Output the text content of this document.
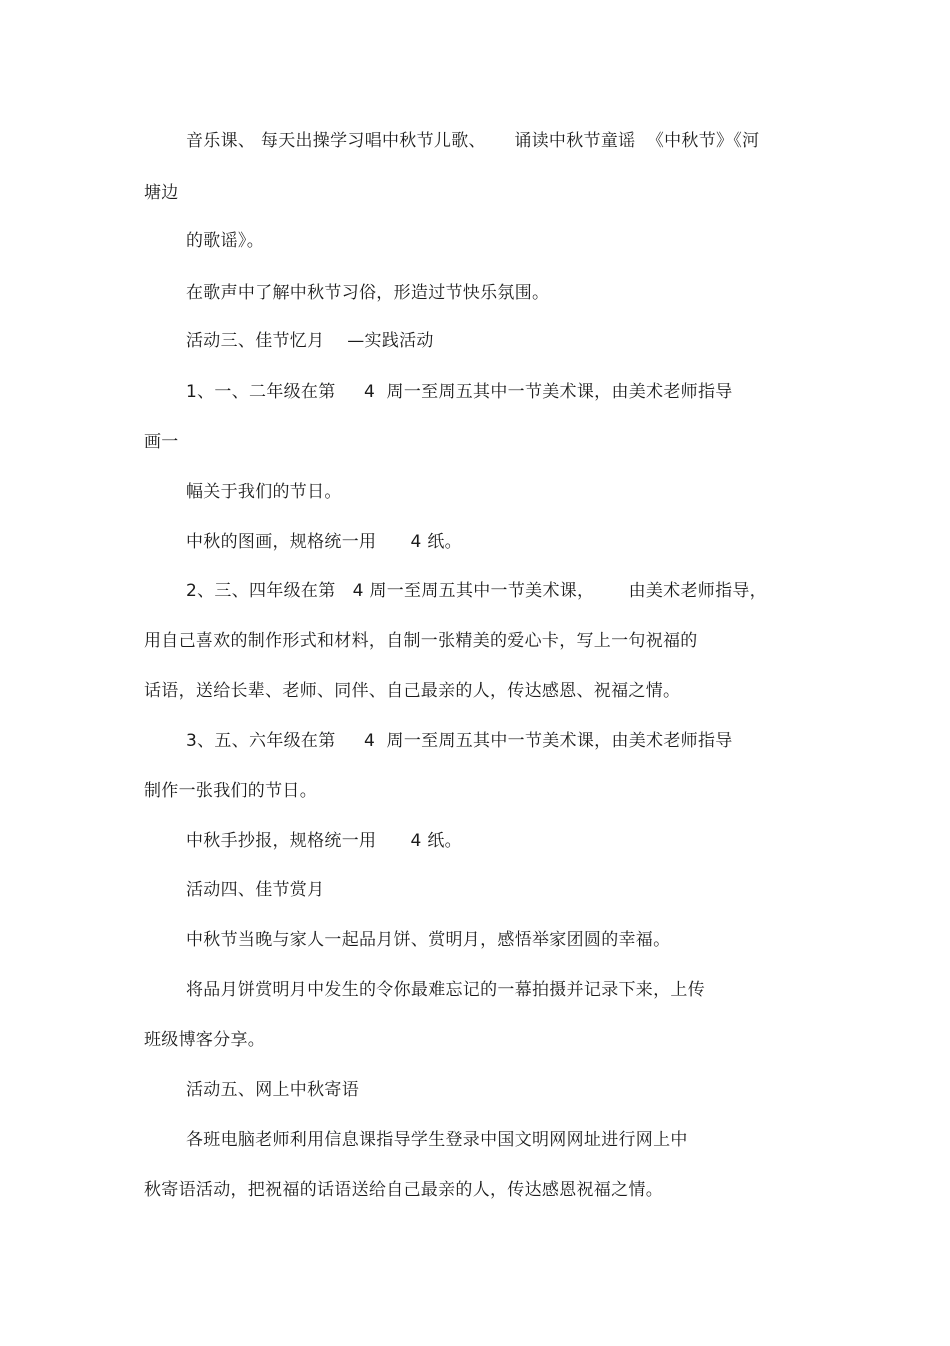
音乐课、 每天出操学习唱中秋节儿歌、     诵读中秋节童谣  《中秋节》《河
塘边
的歌谣》。
在歌声中了解中秋节习俗，形造过节快乐氛围。
活动三、佳节忆月    —实践活动
1、一、二年级在第     4  周一至周五其中一节美术课，由美术老师指导
画一
幅关于我们的节日。
中秋的图画，规格统一用      4 纸。
2、三、四年级在第   4 周一至周五其中一节美术课，      由美术老师指导，
用自己喜欢的制作形式和材料，自制一张精美的爱心卡，写上一句祝福的
话语，送给长辈、老师、同伴、自己最亲的人，传达感恩、祝福之情。
3、五、六年级在第     4  周一至周五其中一节美术课，由美术老师指导
制作一张我们的节日。
中秋手抄报，规格统一用      4 纸。
活动四、佳节赏月
中秋节当晚与家人一起品月饼、赏明月，感悟举家团圆的幸福。
将品月饼赏明月中发生的令你最难忘记的一幕拍摄并记录下来，上传
班级博客分享。
活动五、网上中秋寄语
各班电脑老师利用信息课指导学生登录中国文明网网址进行网上中
秋寄语活动，把祝福的话语送给自己最亲的人，传达感恩祝福之情。
